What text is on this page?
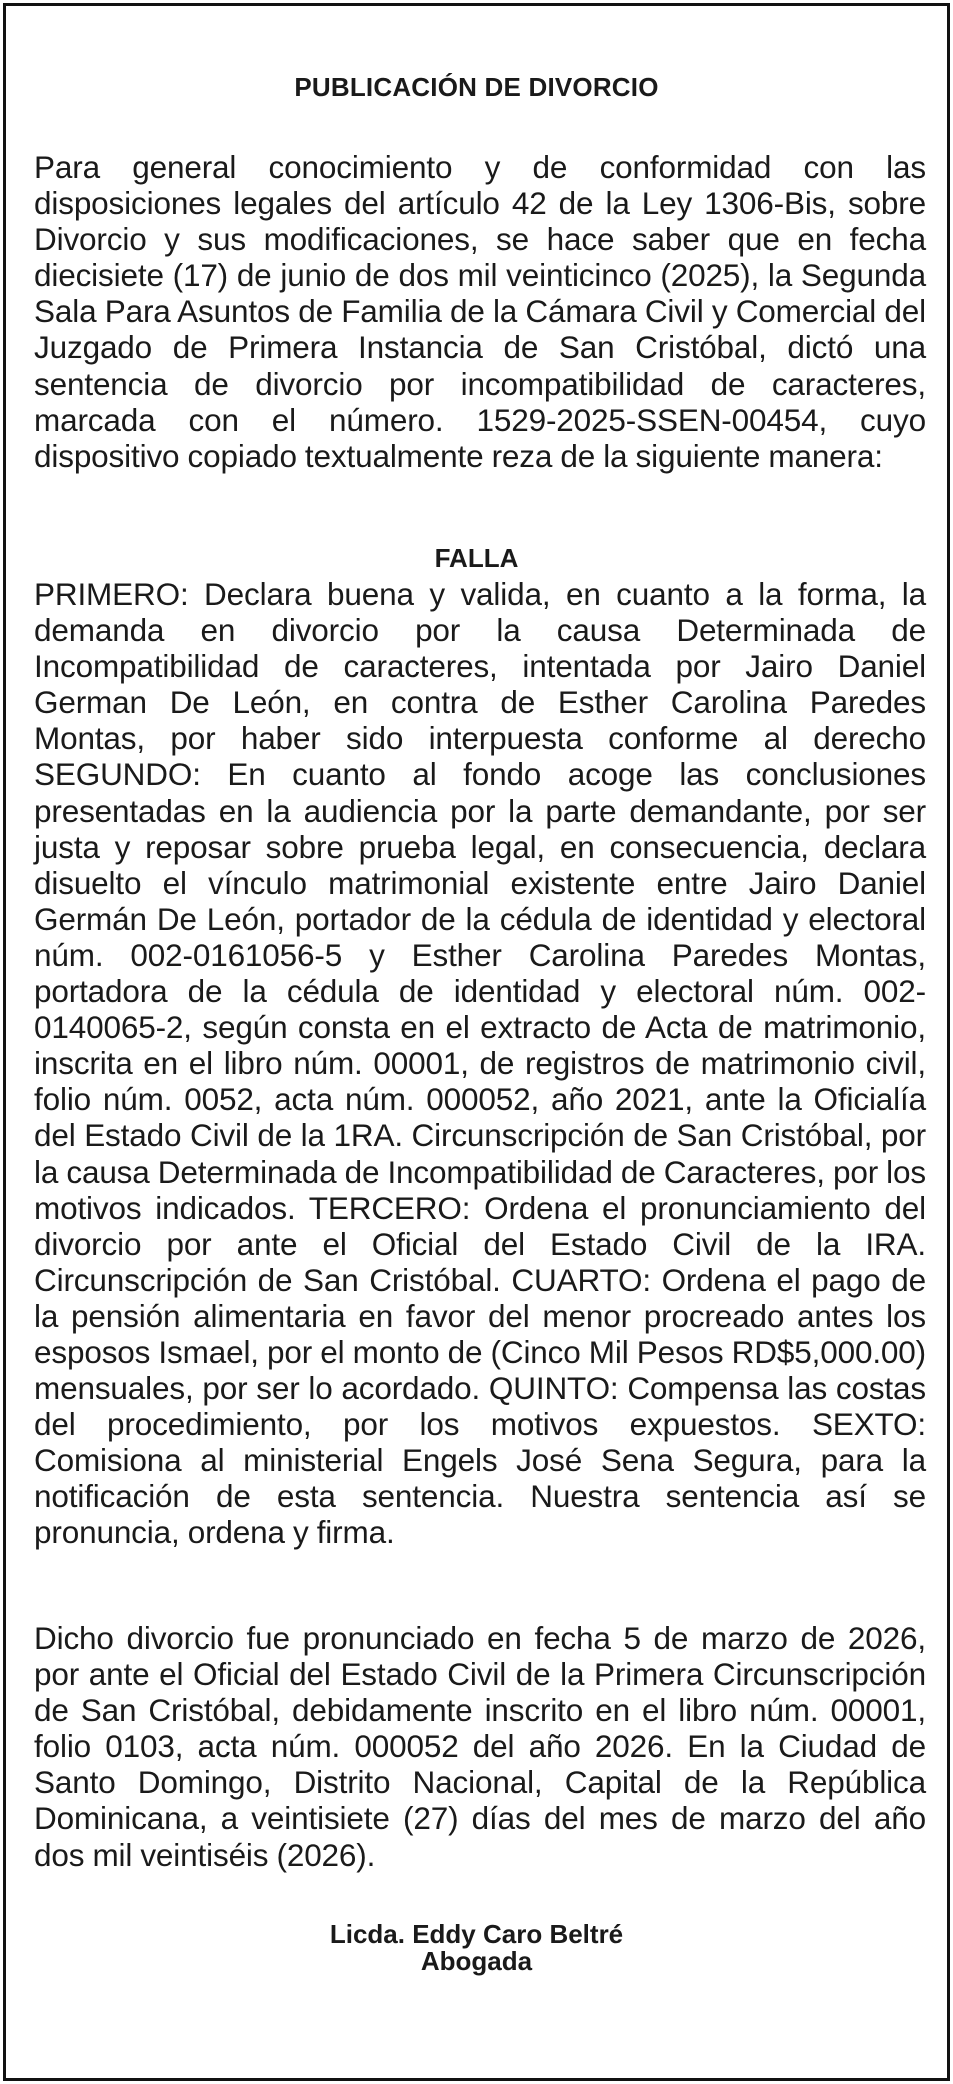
PUBLICACIÓN DE DIVORCIO

Para general conocimiento y de conformidad con las disposiciones legales del artículo 42 de la Ley 1306-Bis, sobre Divorcio y sus modificaciones, se hace saber que en fecha diecisiete (17) de junio de dos mil veinticinco (2025), la Segunda Sala Para Asuntos de Familia de la Cámara Civil y Comercial del Juzgado de Primera Instancia de San Cristóbal, dictó una sentencia de divorcio por incompatibilidad de caracteres, marcada con el número. 1529-2025-SSEN-00454, cuyo dispositivo copiado textualmente reza de la siguiente manera:

FALLA

PRIMERO: Declara buena y valida, en cuanto a la forma, la demanda en divorcio por la causa Determinada de Incompatibilidad de caracteres, intentada por Jairo Daniel German De León, en contra de Esther Carolina Paredes Montas, por haber sido interpuesta conforme al derecho SEGUNDO: En cuanto al fondo acoge las conclusiones presentadas en la audiencia por la parte demandante, por ser justa y reposar sobre prueba legal, en consecuencia, declara disuelto el vínculo matrimonial existente entre Jairo Daniel Germán De León, portador de la cédula de identidad y electoral núm. 002-0161056-5 y Esther Carolina Paredes Montas, portadora de la cédula de identidad y electoral núm. 002- 0140065-2, según consta en el extracto de Acta de matrimonio, inscrita en el libro núm. 00001, de registros de matrimonio civil, folio núm. 0052, acta núm. 000052, año 2021, ante la Oficialía del Estado Civil de la 1RA. Circunscripción de San Cristóbal, por la causa Determinada de Incompatibilidad de Caracteres, por los motivos indicados. TERCERO: Ordena el pronunciamiento del divorcio por ante el Oficial del Estado Civil de la IRA. Circunscripción de San Cristóbal. CUARTO: Ordena el pago de la pensión alimentaria en favor del menor procreado antes los esposos Ismael, por el monto de (Cinco Mil Pesos RD$5,000.00) mensuales, por ser lo acordado. QUINTO: Compensa las costas del procedimiento, por los motivos expuestos. SEXTO: Comisiona al ministerial Engels José Sena Segura, para la notificación de esta sentencia. Nuestra sentencia así se pronuncia, ordena y firma.

Dicho divorcio fue pronunciado en fecha 5 de marzo de 2026, por ante el Oficial del Estado Civil de la Primera Circunscripción de San Cristóbal, debidamente inscrito en el libro núm. 00001, folio 0103, acta núm. 000052 del año 2026. En la Ciudad de Santo Domingo, Distrito Nacional, Capital de la República Dominicana, a veintisiete (27) días del mes de marzo del año dos mil veintiséis (2026).

Licda. Eddy Caro Beltré
Abogada
